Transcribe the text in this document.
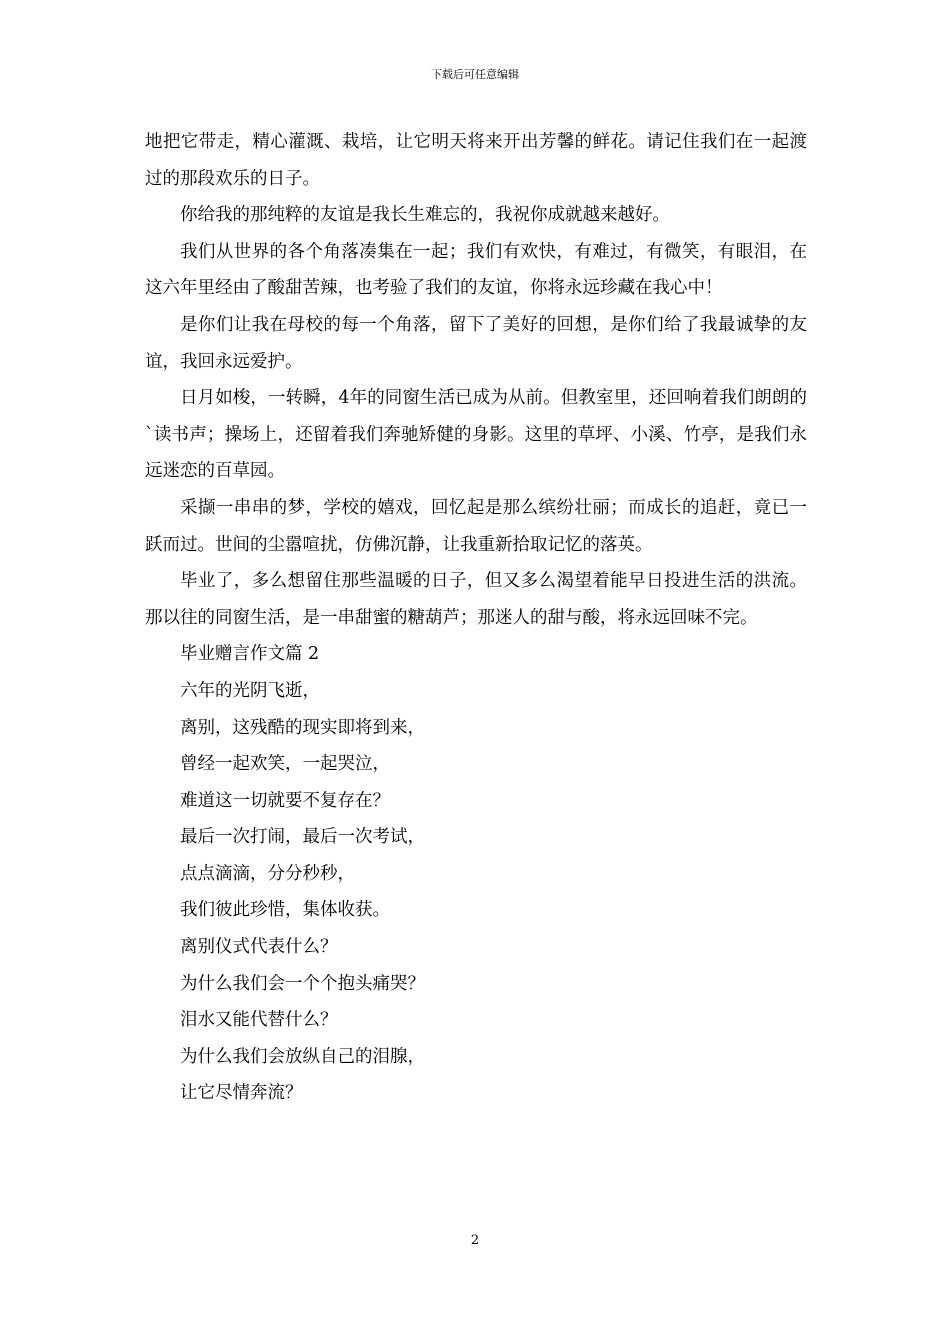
下载后可任意编辑

地把它带走，精心灌溉、栽培，让它明天将来开出芳馨的鲜花。请记住我们在一起渡过的那段欢乐的日子。

你给我的那纯粹的友谊是我长生难忘的，我祝你成就越来越好。

我们从世界的各个角落凑集在一起；我们有欢快，有难过，有微笑，有眼泪，在这六年里经由了酸甜苦辣，也考验了我们的友谊，你将永远珍藏在我心中！

是你们让我在母校的每一个角落，留下了美好的回想，是你们给了我最诚挚的友谊，我回永远爱护。

日月如梭，一转瞬，4年的同窗生活已成为从前。但教室里，还回响着我们朗朗的`读书声；操场上，还留着我们奔驰矫健的身影。这里的草坪、小溪、竹亭，是我们永远迷恋的百草园。

采撷一串串的梦，学校的嬉戏，回忆起是那么缤纷壮丽；而成长的追赶，竟已一跃而过。世间的尘嚣喧扰，仿佛沉静，让我重新拾取记忆的落英。

毕业了，多么想留住那些温暖的日子，但又多么渴望着能早日投进生活的洪流。那以往的同窗生活，是一串甜蜜的糖葫芦；那迷人的甜与酸，将永远回味不完。

毕业赠言作文篇 2

六年的光阴飞逝，

离别，这残酷的现实即将到来，

曾经一起欢笑，一起哭泣，

难道这一切就要不复存在？

最后一次打闹，最后一次考试，

点点滴滴，分分秒秒，

我们彼此珍惜，集体收获。

离别仪式代表什么？

为什么我们会一个个抱头痛哭？

泪水又能代替什么？

为什么我们会放纵自己的泪腺，

让它尽情奔流？

2
